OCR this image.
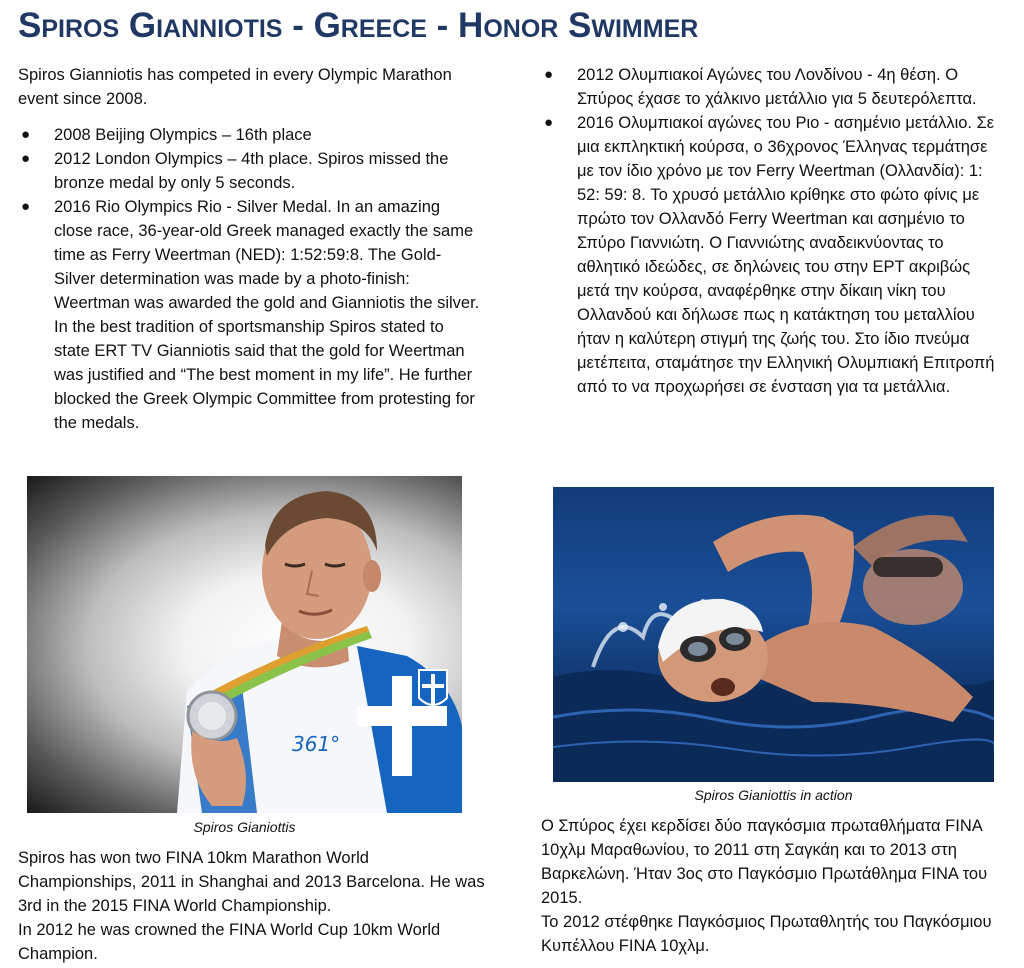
Spiros Gianniotis - Greece - Honor Swimmer

Spiros Gianniotis has competed in every Olympic Marathon event since 2008.

● 2008 Beijing Olympics – 16th place
● 2012 London Olympics – 4th place. Spiros missed the bronze medal by only 5 seconds.
● 2016 Rio Olympics Rio - Silver Medal. In an amazing close race, 36-year-old Greek managed exactly the same time as Ferry Weertman (NED): 1:52:59:8. The Gold-Silver determination was made by a photo-finish: Weertman was awarded the gold and Gianniotis the silver. In the best tradition of sportsmanship Spiros stated to state ERT TV Gianniotis said that the gold for Weertman was justified and “The best moment in my life”. He further blocked the Greek Olympic Committee from protesting for the medals.
361°
Spiros Gianiottis
Spiros has won two FINA 10km Marathon World Championships, 2011 in Shanghai and 2013 Barcelona. He was 3rd in the 2015 FINA World Championship.
In 2012 he was crowned the FINA World Cup 10km World Champion.
● 2012 Ολυμπιακοί Αγώνες του Λονδίνου - 4η θέση. Ο Σπύρος έχασε το χάλκινο μετάλλιο για 5 δευτερόλεπτα.
● 2016 Ολυμπιακοί αγώνες του Ριο - ασημένιο μετάλλιο. Σε μια εκπληκτική κούρσα, ο 36χρονος Έλληνας τερμάτησε με τον ίδιο χρόνο με τον Ferry Weertman (Ολλανδία): 1: 52: 59: 8. Το χρυσό μετάλλιο κρίθηκε στο φώτο φίνις με πρώτο τον Ολλανδό Ferry Weertman και ασημένιο το Σπύρο Γιαννιώτη. Ο Γιαννιώτης αναδεικνύοντας το αθλητικό ιδεώδες, σε δηλώνεις του στην ΕΡΤ ακριβώς μετά την κούρσα, αναφέρθηκε στην δίκαιη νίκη του Ολλανδού και δήλωσε πως η κατάκτηση του μεταλλίου ήταν η καλύτερη στιγμή της ζωής του. Στο ίδιο πνεύμα μετέπειτα, σταμάτησε την Ελληνική Ολυμπιακή Επιτροπή από το να προχωρήσει σε ένσταση για τα μετάλλια.
Spiros Gianiottis in action
Ο Σπύρος έχει κερδίσει δύο παγκόσμια πρωταθλήματα FINA 10χλμ Μαραθωνίου, το 2011 στη Σαγκάη και το 2013 στη Βαρκελώνη. Ήταν 3ος στο Παγκόσμιο Πρωτάθλημα FINA του 2015.
Το 2012 στέφθηκε Παγκόσμιος Πρωταθλητής του Παγκόσμιου Κυπέλλου FINA 10χλμ.
